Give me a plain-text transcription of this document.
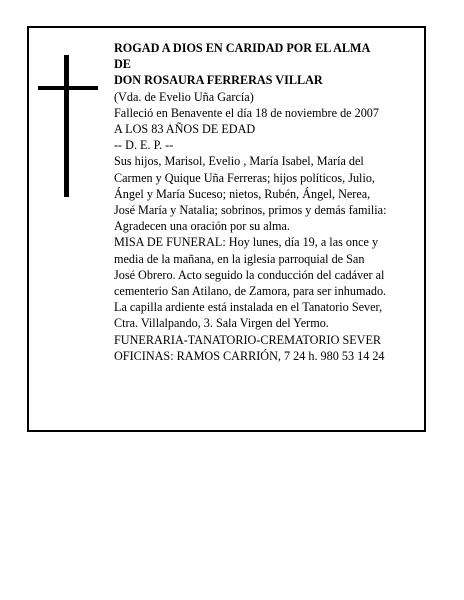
ROGAD A DIOS EN CARIDAD POR EL ALMA
DE
DON ROSAURA FERRERAS VILLAR
(Vda. de Evelio Uña García)
Falleció en Benavente el día 18 de noviembre de 2007
A LOS 83 AÑOS DE EDAD
-- D. E. P. --
Sus hijos, Marisol, Evelio , María Isabel, María del
Carmen y Quique Uña Ferreras; hijos políticos, Julio,
Ángel y María Suceso; nietos, Rubén, Ángel, Nerea,
José María y Natalia; sobrinos, primos y demás familia:
Agradecen una oración por su alma.
MISA DE FUNERAL: Hoy lunes, día 19, a las once y
media de la mañana, en la iglesia parroquial de San
José Obrero. Acto seguido la conducción del cadáver al
cementerio San Atilano, de Zamora, para ser inhumado.
La capilla ardiente está instalada en el Tanatorio Sever,
Ctra. Villalpando, 3. Sala Virgen del Yermo.
FUNERARIA-TANATORIO-CREMATORIO SEVER
OFICINAS: RAMOS CARRIÓN, 7 24 h. 980 53 14 24
